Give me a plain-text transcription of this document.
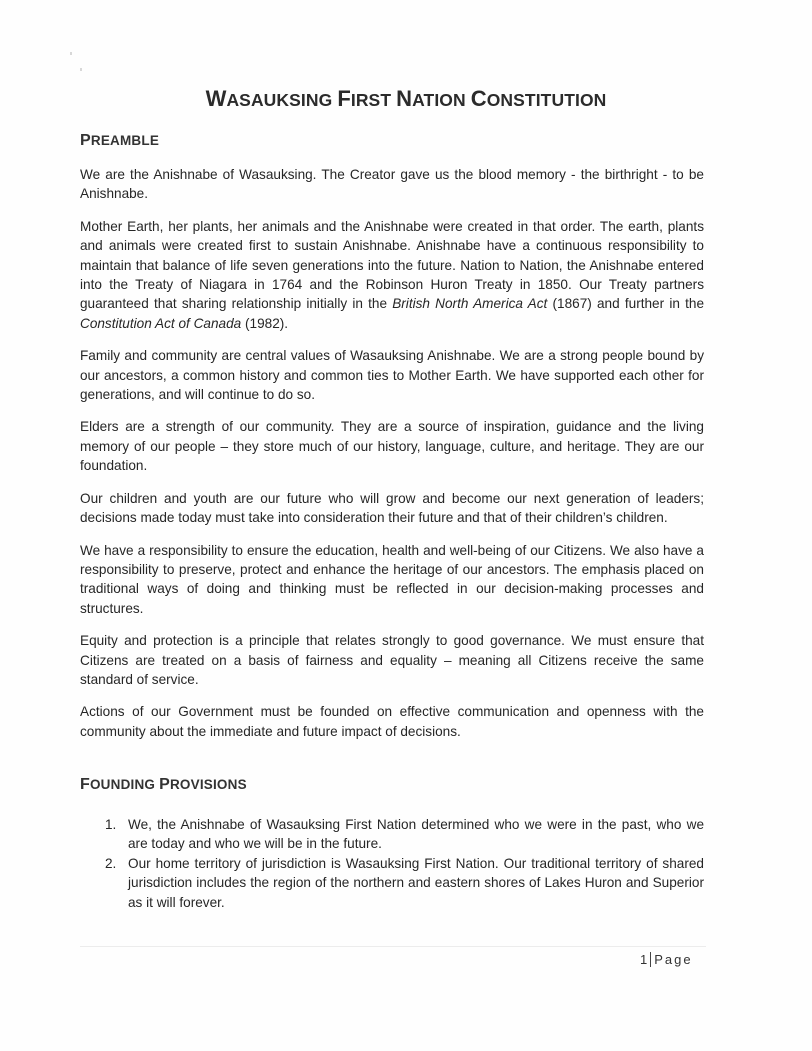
WASAUKSING FIRST NATION CONSTITUTION
PREAMBLE

We are the Anishnabe of Wasauksing. The Creator gave us the blood memory - the birthright - to be Anishnabe.

Mother Earth, her plants, her animals and the Anishnabe were created in that order. The earth, plants and animals were created first to sustain Anishnabe. Anishnabe have a continuous responsibility to maintain that balance of life seven generations into the future. Nation to Nation, the Anishnabe entered into the Treaty of Niagara in 1764 and the Robinson Huron Treaty in 1850. Our Treaty partners guaranteed that sharing relationship initially in the British North America Act (1867) and further in the Constitution Act of Canada (1982).

Family and community are central values of Wasauksing Anishnabe. We are a strong people bound by our ancestors, a common history and common ties to Mother Earth. We have supported each other for generations, and will continue to do so.

Elders are a strength of our community. They are a source of inspiration, guidance and the living memory of our people – they store much of our history, language, culture, and heritage. They are our foundation.

Our children and youth are our future who will grow and become our next generation of leaders; decisions made today must take into consideration their future and that of their children’s children.

We have a responsibility to ensure the education, health and well-being of our Citizens. We also have a responsibility to preserve, protect and enhance the heritage of our ancestors. The emphasis placed on traditional ways of doing and thinking must be reflected in our decision-making processes and structures.

Equity and protection is a principle that relates strongly to good governance. We must ensure that Citizens are treated on a basis of fairness and equality – meaning all Citizens receive the same standard of service.

Actions of our Government must be founded on effective communication and openness with the community about the immediate and future impact of decisions.

FOUNDING PROVISIONS
1. We, the Anishnabe of Wasauksing First Nation determined who we were in the past, who we are today and who we will be in the future.
2. Our home territory of jurisdiction is Wasauksing First Nation. Our traditional territory of shared jurisdiction includes the region of the northern and eastern shores of Lakes Huron and Superior as it will forever.
1 Page
